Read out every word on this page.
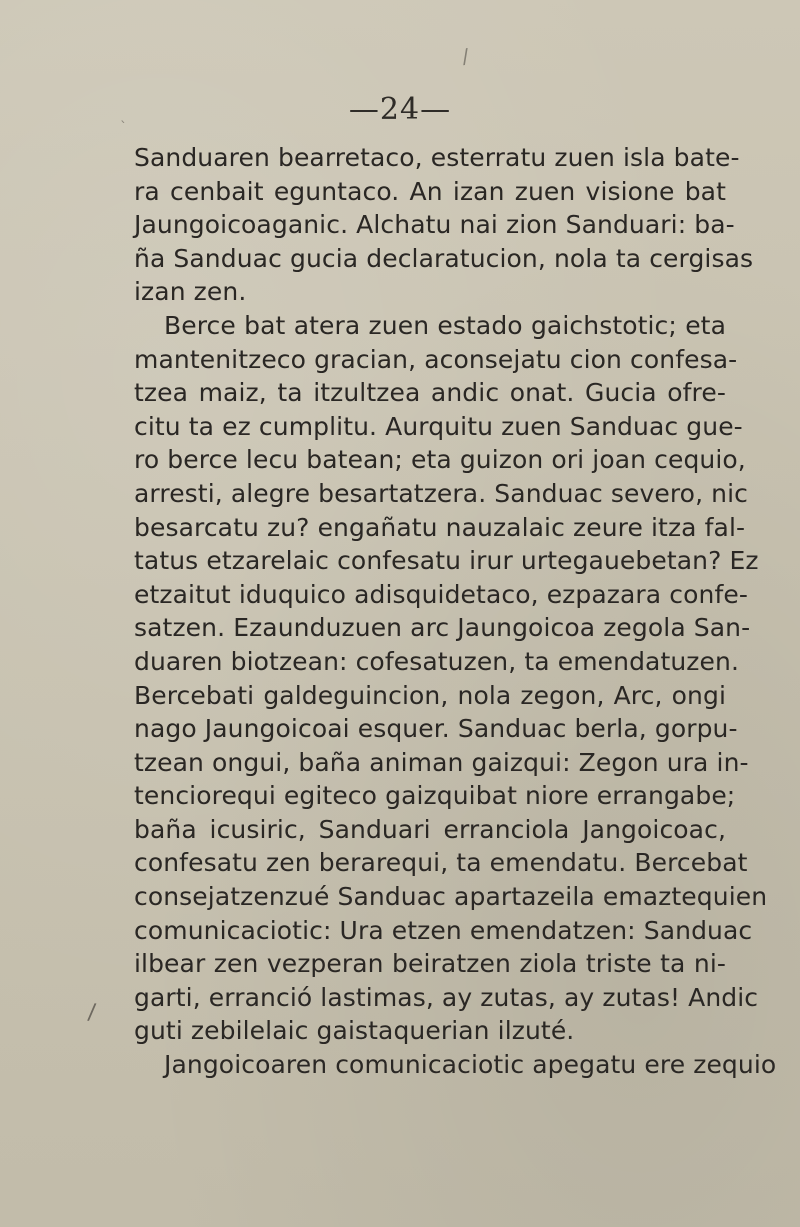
/
`
/
—24—
Sanduaren bearretaco, esterratu zuen isla bate-
ra cenbait eguntaco. An izan zuen visione bat
Jaungoicoaganic. Alchatu nai zion Sanduari: ba-
ña Sanduac gucia declaratucion, nola ta cergisas
izan zen.
Berce bat atera zuen estado gaichstotic; eta
mantenitzeco gracian, aconsejatu cion confesa-
tzea maiz, ta itzultzea andic onat. Gucia ofre-
citu ta ez cumplitu. Aurquitu zuen Sanduac gue-
ro berce lecu batean; eta guizon ori joan cequio,
arresti, alegre besartatzera. Sanduac severo, nic
besarcatu zu? engañatu nauzalaic zeure itza fal-
tatus etzarelaic confesatu irur urtegauebetan? Ez
etzaitut iduquico adisquidetaco, ezpazara confe-
satzen. Ezaunduzuen arc Jaungoicoa zegola San-
duaren biotzean: cofesatuzen, ta emendatuzen.
Bercebati galdeguincion, nola zegon, Arc, ongi
nago Jaungoicoai esquer. Sanduac berla, gorpu-
tzean ongui, baña animan gaizqui: Zegon ura in-
tenciorequi egiteco gaizquibat niore errangabe;
baña icusiric, Sanduari erranciola Jangoicoac,
confesatu zen berarequi, ta emendatu. Bercebat
consejatzenzué Sanduac apartazeila emaztequien
comunicaciotic: Ura etzen emendatzen: Sanduac
ilbear zen vezperan beiratzen ziola triste ta ni-
garti, erranció lastimas, ay zutas, ay zutas! Andic
guti zebilelaic gaistaquerian ilzuté.
Jangoicoaren comunicaciotic apegatu ere zequio
